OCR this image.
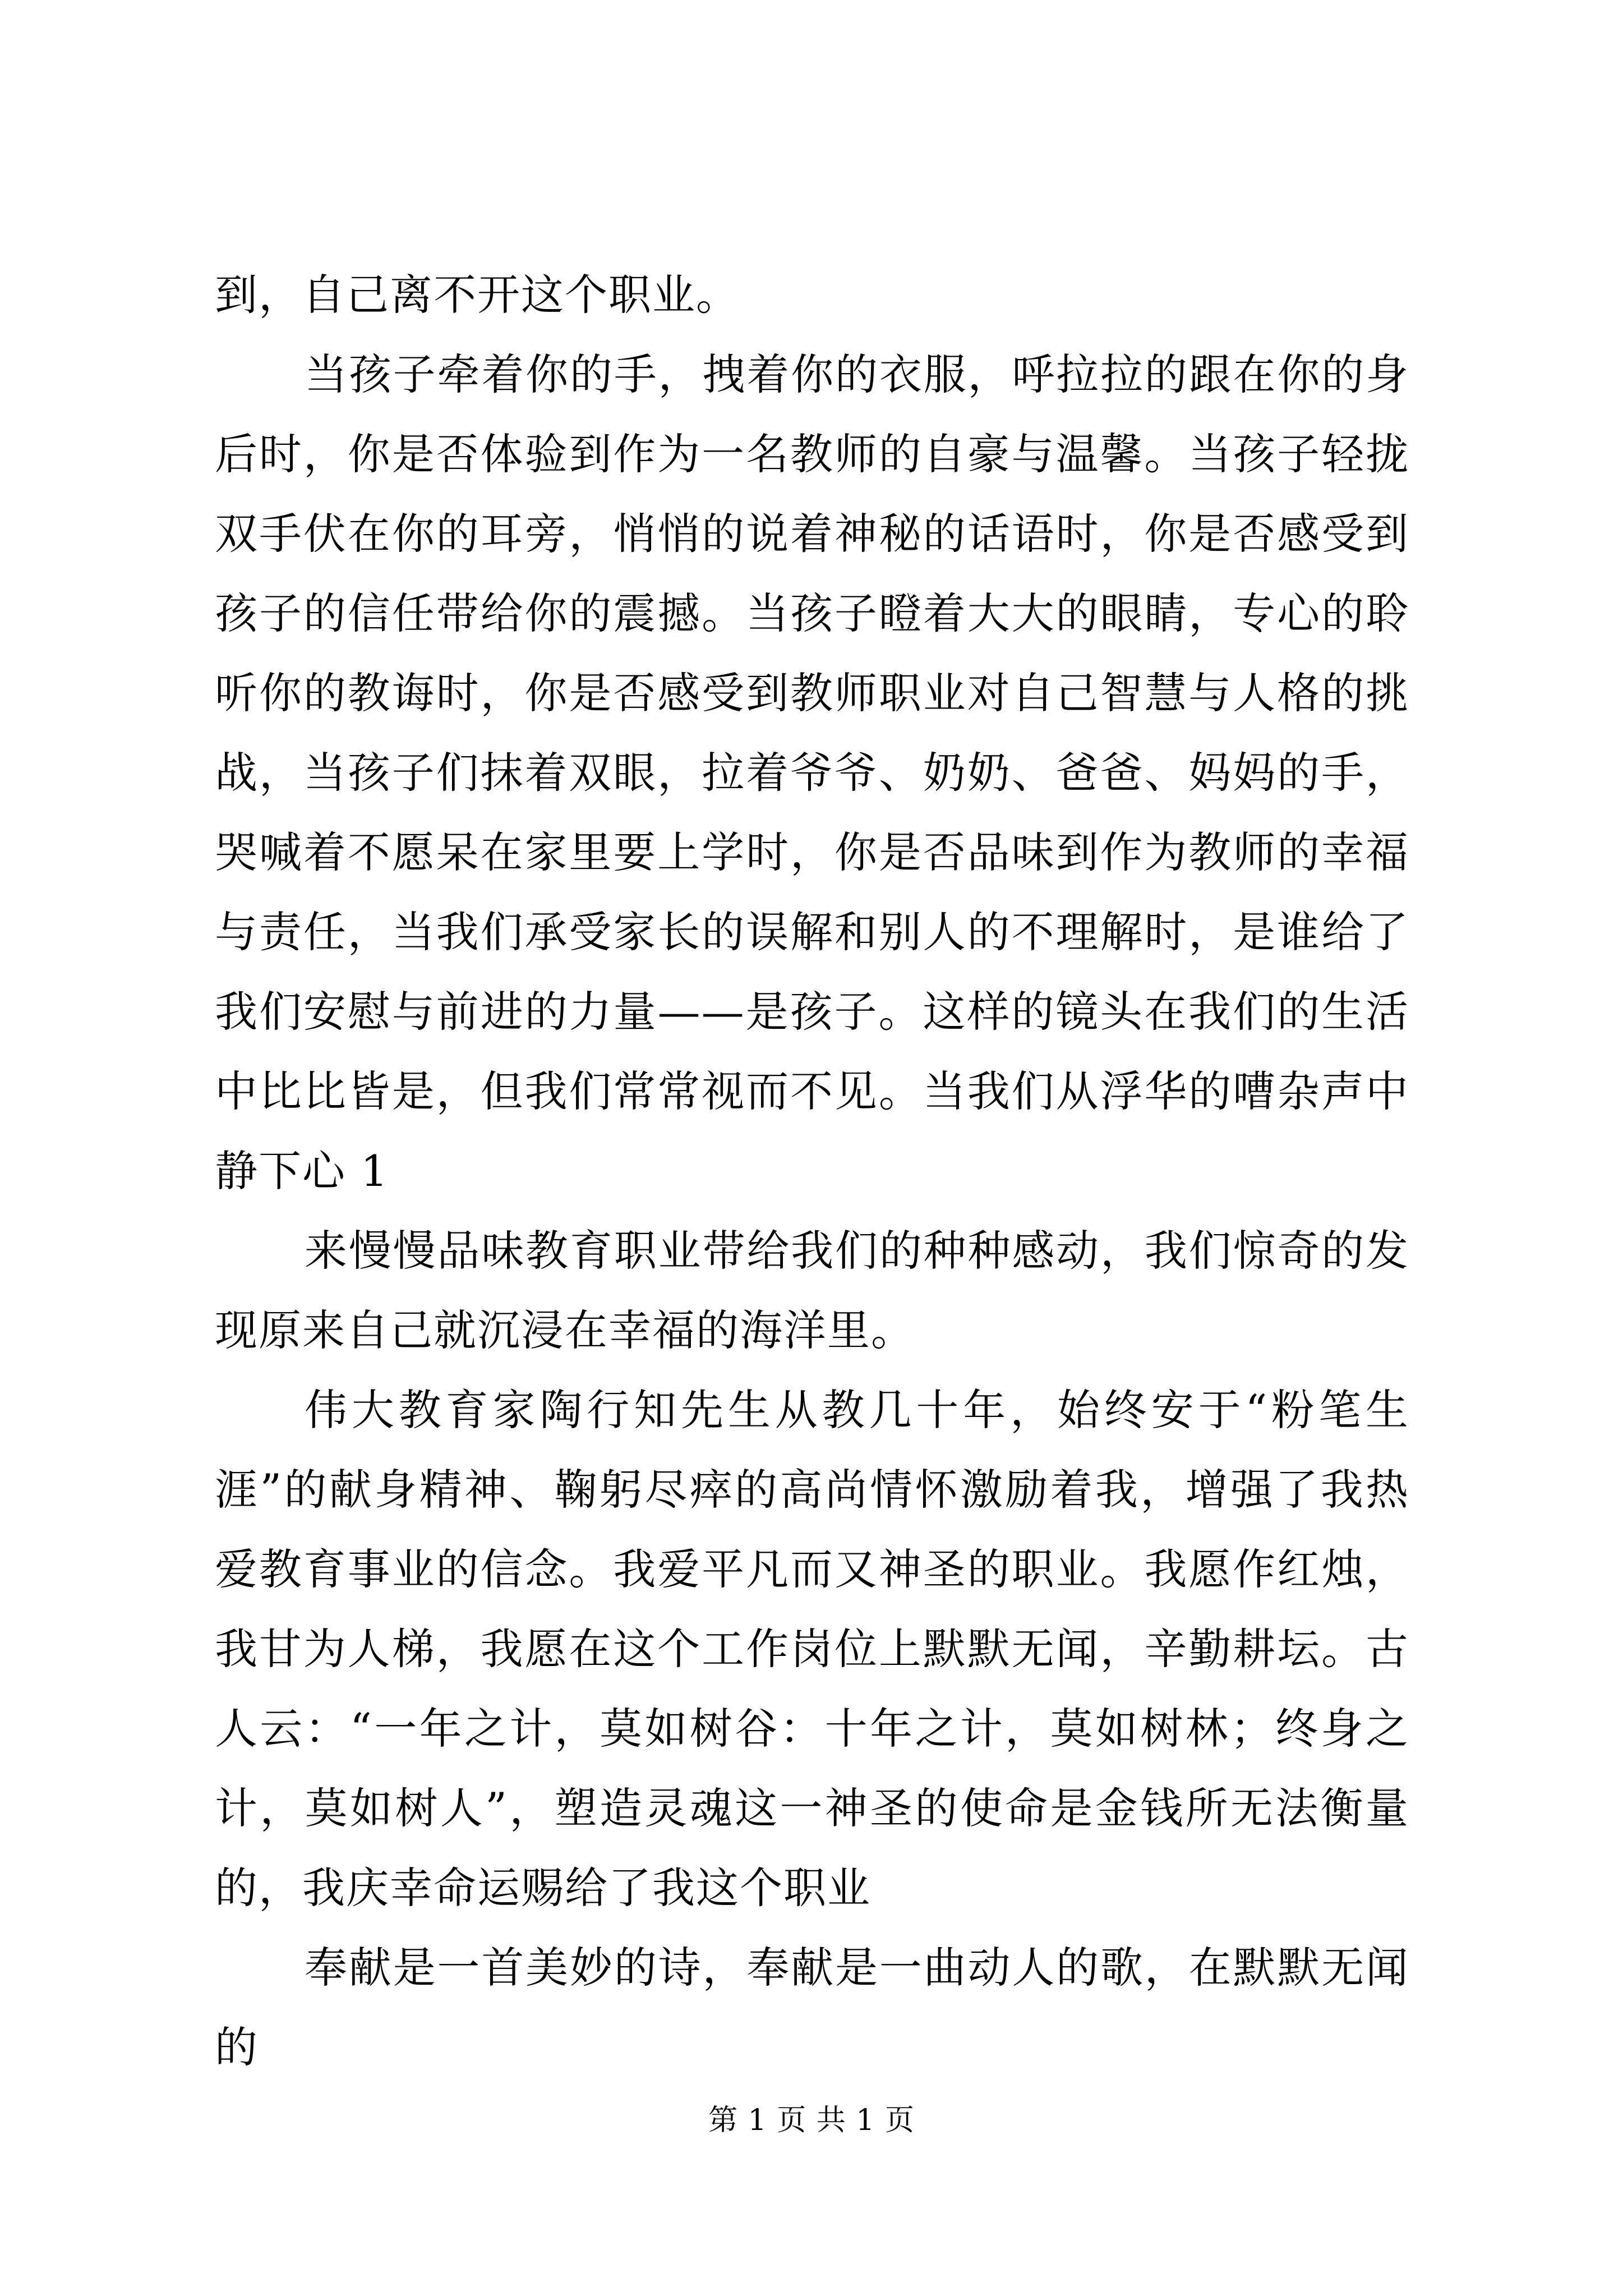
到，自己离不开这个职业。

当孩子牵着你的手，拽着你的衣服，呼拉拉的跟在你的身后时，你是否体验到作为一名教师的自豪与温馨。当孩子轻拢双手伏在你的耳旁，悄悄的说着神秘的话语时，你是否感受到孩子的信任带给你的震撼。当孩子瞪着大大的眼睛，专心的聆听你的教诲时，你是否感受到教师职业对自己智慧与人格的挑战，当孩子们抹着双眼，拉着爷爷、奶奶、爸爸、妈妈的手，哭喊着不愿呆在家里要上学时，你是否品味到作为教师的幸福与责任，当我们承受家长的误解和别人的不理解时，是谁给了我们安慰与前进的力量——是孩子。这样的镜头在我们的生活中比比皆是，但我们常常视而不见。当我们从浮华的嘈杂声中静下心 1

来慢慢品味教育职业带给我们的种种感动，我们惊奇的发现原来自己就沉浸在幸福的海洋里。

伟大教育家陶行知先生从教几十年，始终安于“粉笔生涯”的献身精神、鞠躬尽瘁的高尚情怀激励着我，增强了我热爱教育事业的信念。我爱平凡而又神圣的职业。我愿作红烛，我甘为人梯，我愿在这个工作岗位上默默无闻，辛勤耕坛。古人云：“一年之计，莫如树谷：十年之计，莫如树林；终身之计，莫如树人”，塑造灵魂这一神圣的使命是金钱所无法衡量的，我庆幸命运赐给了我这个职业

奉献是一首美妙的诗，奉献是一曲动人的歌，在默默无闻的

第 1 页 共 1 页
